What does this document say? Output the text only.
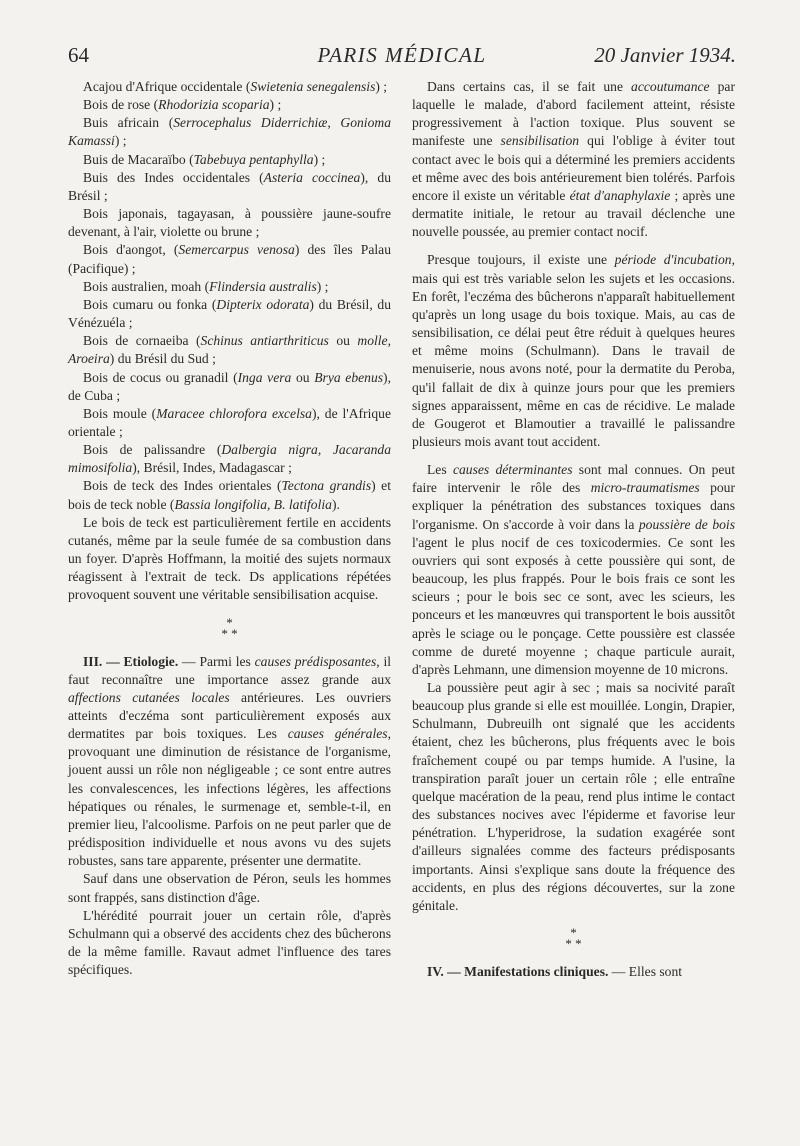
PARIS MÉDICAL
64	20 Janvier 1934.

Acajou d'Afrique occidentale (Swietenia senegalensis) ;

Bois de rose (Rhodorizia scoparia) ;

Buis africain (Serrocephalus Diderrichiæ, Gonioma Kamassi) ;

Buis de Macaraïbo (Tabebuya pentaphylla) ;

Buis des Indes occidentales (Asteria coccinea), du Brésil ;

Bois japonais, tagayasan, à poussière jaune-soufre devenant, à l'air, violette ou brune ;

Bois d'aongot, (Semercarpus venosa) des îles Palau (Pacifique) ;

Bois australien, moah (Flindersia australis) ;

Bois cumaru ou fonka (Dipterix odorata) du Brésil, du Vénézuéla ;

Bois de cornaeiba (Schinus antiarthriticus ou molle, Aroeira) du Brésil du Sud ;

Bois de cocus ou granadil (Inga vera ou Brya ebenus), de Cuba ;

Bois moule (Maracee chlorofora excelsa), de l'Afrique orientale ;

Bois de palissandre (Dalbergia nigra, Jacaranda mimosifolia), Brésil, Indes, Madagascar ;

Bois de teck des Indes orientales (Tectona grandis) et bois de teck noble (Bassia longifolia, B. latifolia).

Le bois de teck est particulièrement fertile en accidents cutanés, même par la seule fumée de sa combustion dans un foyer. D'après Hoffmann, la moitié des sujets normaux réagissent à l'extrait de teck. Ds applications répétées provoquent souvent une véritable sensibilisation acquise.

*
* *

III. — Etiologie. — Parmi les causes prédisposantes, il faut reconnaître une importance assez grande aux affections cutanées locales antérieures. Les ouvriers atteints d'eczéma sont particulièrement exposés aux dermatites par bois toxiques. Les causes générales, provoquant une diminution de résistance de l'organisme, jouent aussi un rôle non négligeable ; ce sont entre autres les convalescences, les infections légères, les affections hépatiques ou rénales, le surmenage et, semble-t-il, en premier lieu, l'alcoolisme. Parfois on ne peut parler que de prédisposition individuelle et nous avons vu des sujets robustes, sans tare apparente, présenter une dermatite.

Sauf dans une observation de Péron, seuls les hommes sont frappés, sans distinction d'âge.

L'hérédité pourrait jouer un certain rôle, d'après Schulmann qui a observé des accidents chez des bûcherons de la même famille. Ravaut admet l'influence des tares spécifiques.

Dans certains cas, il se fait une accoutumance par laquelle le malade, d'abord facilement atteint, résiste progressivement à l'action toxique. Plus souvent se manifeste une sensibilisation qui l'oblige à éviter tout contact avec le bois qui a déterminé les premiers accidents et même avec des bois antérieurement bien tolérés. Parfois encore il existe un véritable état d'anaphylaxie ; après une dermatite initiale, le retour au travail déclenche une nouvelle poussée, au premier contact nocif.

Presque toujours, il existe une période d'incubation, mais qui est très variable selon les sujets et les occasions. En forêt, l'eczéma des bûcherons n'apparaît habituellement qu'après un long usage du bois toxique. Mais, au cas de sensibilisation, ce délai peut être réduit à quelques heures et même moins (Schulmann). Dans le travail de menuiserie, nous avons noté, pour la dermatite du Peroba, qu'il fallait de dix à quinze jours pour que les premiers signes apparaissent, même en cas de récidive. Le malade de Gougerot et Blamoutier a travaillé le palissandre plusieurs mois avant tout accident.

Les causes déterminantes sont mal connues. On peut faire intervenir le rôle des micro-traumatismes pour expliquer la pénétration des substances toxiques dans l'organisme. On s'accorde à voir dans la poussière de bois l'agent le plus nocif de ces toxicodermies. Ce sont les ouvriers qui sont exposés à cette poussière qui sont, de beaucoup, les plus frappés. Pour le bois frais ce sont les scieurs ; pour le bois sec ce sont, avec les scieurs, les ponceurs et les manœuvres qui transportent le bois aussitôt après le sciage ou le ponçage. Cette poussière est classée comme de dureté moyenne ; chaque particule aurait, d'après Lehmann, une dimension moyenne de 10 microns.

La poussière peut agir à sec ; mais sa nocivité paraît beaucoup plus grande si elle est mouillée. Longin, Drapier, Schulmann, Dubreuilh ont signalé que les accidents étaient, chez les bûcherons, plus fréquents avec le bois fraîchement coupé ou par temps humide. A l'usine, la transpiration paraît jouer un certain rôle ; elle entraîne quelque macération de la peau, rend plus intime le contact des substances nocives avec l'épiderme et favorise leur pénétration. L'hyperidrose, la sudation exagérée sont d'ailleurs signalées comme des facteurs prédisposants importants. Ainsi s'explique sans doute la fréquence des accidents, en plus des régions découvertes, sur la zone génitale.

*
* *

IV. — Manifestations cliniques. — Elles sont
